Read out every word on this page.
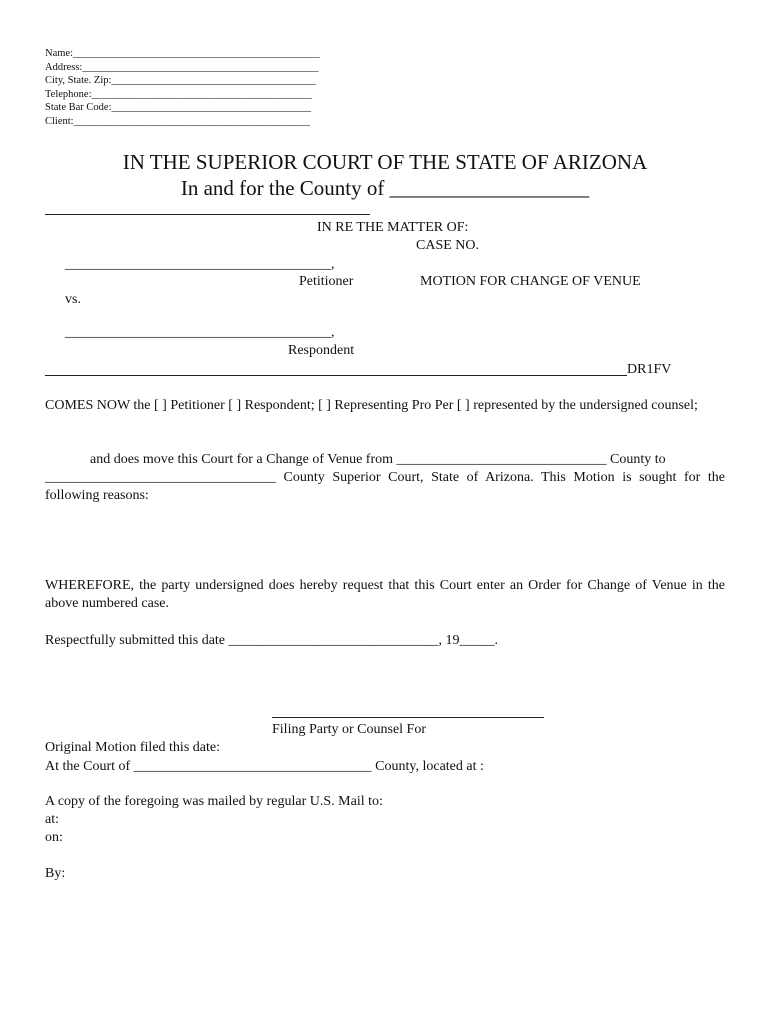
Name:_______________________________________________
Address:_____________________________________________
City, State. Zip:_______________________________________
Telephone:__________________________________________
State Bar Code:______________________________________
Client:_____________________________________________
IN THE SUPERIOR COURT OF THE STATE OF ARIZONA
In and for the County of ___________________
IN RE THE MATTER OF:
CASE NO.
______________________________________,
Petitioner	MOTION FOR CHANGE OF VENUE
vs.
______________________________________,
Respondent
DR1FV
COMES NOW the [ ] Petitioner [ ] Respondent; [ ] Representing Pro Per [ ] represented by the undersigned counsel;
and does move this Court for a Change of Venue from ______________________________ County to
_________________________________ County Superior Court, State of Arizona. This Motion is sought for the following reasons:
WHEREFORE, the party undersigned does hereby request that this Court enter an Order for Change of Venue in the above numbered case.
Respectfully submitted this date ______________________________, 19_____.
Filing Party or Counsel For
Original Motion filed this date:
At the Court of __________________________________ County, located at :
A copy of the foregoing was mailed by regular U.S. Mail to:
at:
on:
By:
